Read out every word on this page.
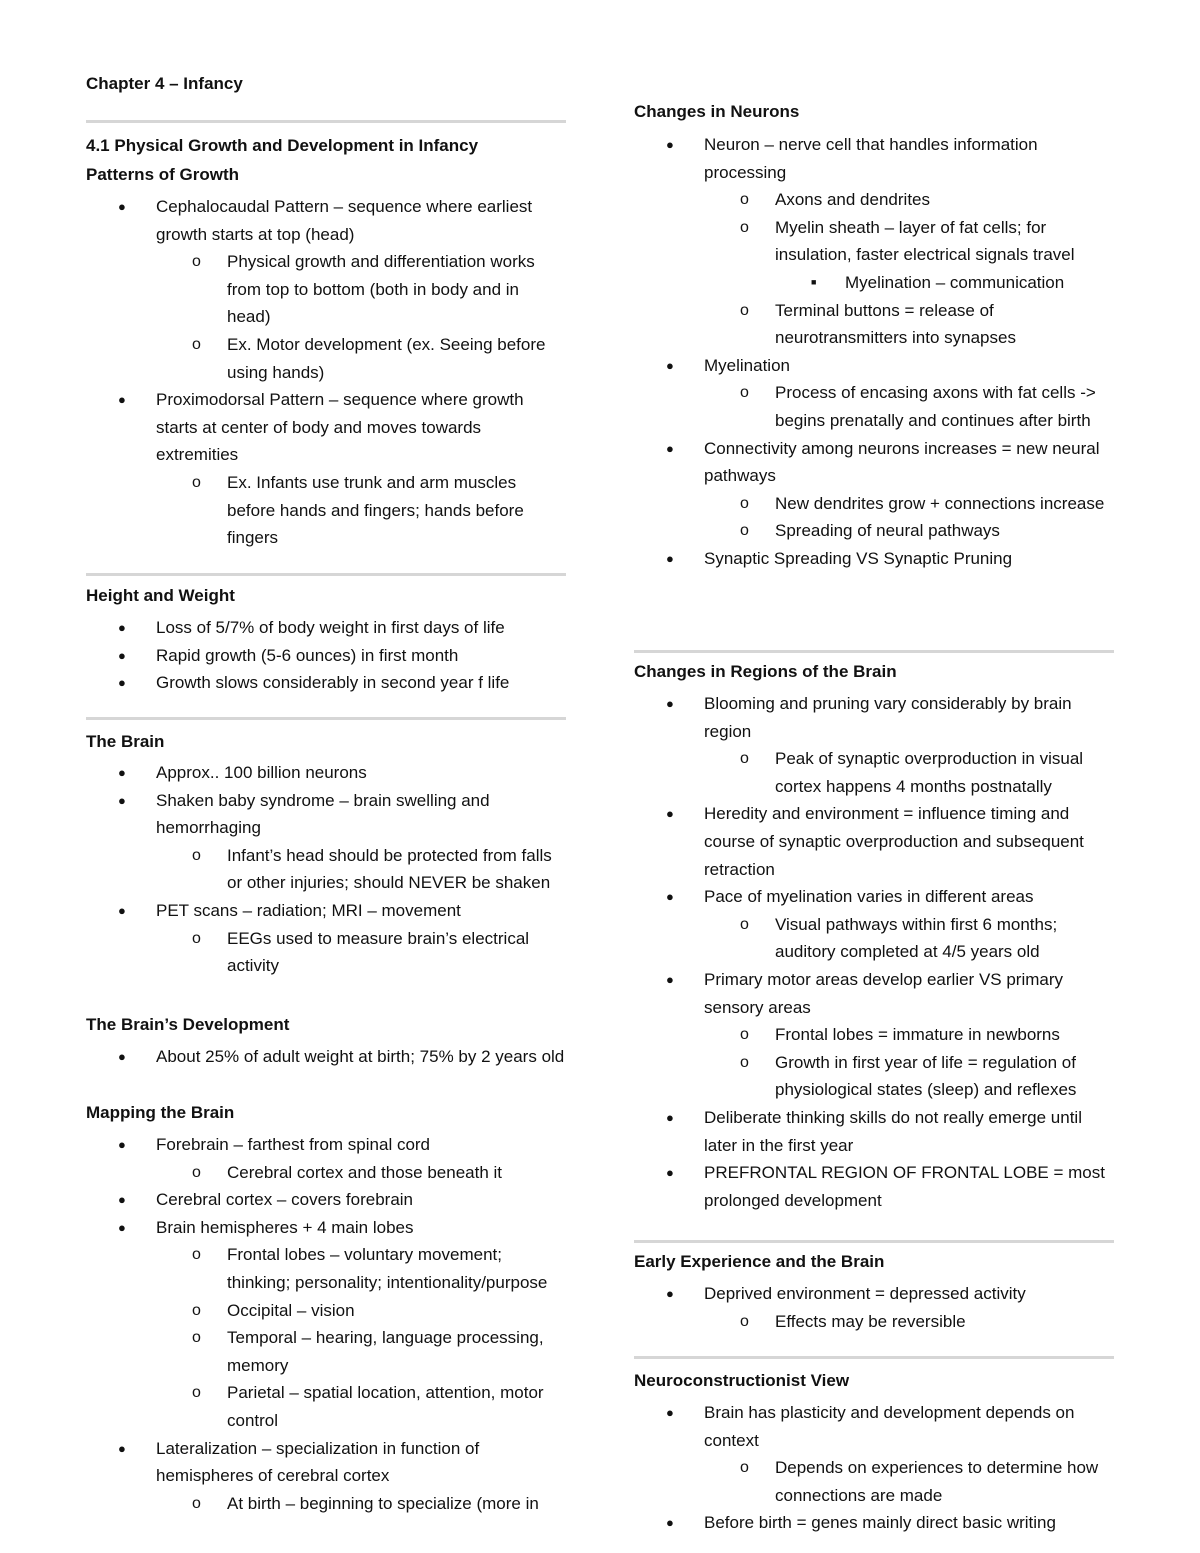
Chapter 4 – Infancy
4.1 Physical Growth and Development in Infancy
Patterns of Growth
● Cephalocaudal Pattern – sequence where earliest growth starts at top (head)
o Physical growth and differentiation works from top to bottom (both in body and in head)
o Ex. Motor development (ex. Seeing before using hands)
● Proximodorsal Pattern – sequence where growth starts at center of body and moves towards extremities
o Ex. Infants use trunk and arm muscles before hands and fingers; hands before fingers
Height and Weight
● Loss of 5/7% of body weight in first days of life
● Rapid growth (5-6 ounces) in first month
● Growth slows considerably in second year f life
The Brain
● Approx.. 100 billion neurons
● Shaken baby syndrome – brain swelling and hemorrhaging
o Infant’s head should be protected from falls or other injuries; should NEVER be shaken
● PET scans – radiation; MRI – movement
o EEGs used to measure brain’s electrical activity
The Brain’s Development
● About 25% of adult weight at birth; 75% by 2 years old
Mapping the Brain
● Forebrain – farthest from spinal cord
o Cerebral cortex and those beneath it
● Cerebral cortex – covers forebrain
● Brain hemispheres + 4 main lobes
o Frontal lobes – voluntary movement; thinking; personality; intentionality/purpose
o Occipital – vision
o Temporal – hearing, language processing, memory
o Parietal – spatial location, attention, motor control
● Lateralization – specialization in function of hemispheres of cerebral cortex
o At birth – beginning to specialize (more in
Changes in Neurons
● Neuron – nerve cell that handles information processing
o Axons and dendrites
o Myelin sheath – layer of fat cells; for insulation, faster electrical signals travel
■ Myelination – communication
o Terminal buttons = release of neurotransmitters into synapses
● Myelination
o Process of encasing axons with fat cells -> begins prenatally and continues after birth
● Connectivity among neurons increases = new neural pathways
o New dendrites grow + connections increase
o Spreading of neural pathways
● Synaptic Spreading VS Synaptic Pruning
Changes in Regions of the Brain
● Blooming and pruning vary considerably by brain region
o Peak of synaptic overproduction in visual cortex happens 4 months postnatally
● Heredity and environment = influence timing and course of synaptic overproduction and subsequent retraction
● Pace of myelination varies in different areas
o Visual pathways within first 6 months; auditory completed at 4/5 years old
● Primary motor areas develop earlier VS primary sensory areas
o Frontal lobes = immature in newborns
o Growth in first year of life = regulation of physiological states (sleep) and reflexes
● Deliberate thinking skills do not really emerge until later in the first year
● PREFRONTAL REGION OF FRONTAL LOBE = most prolonged development
Early Experience and the Brain
● Deprived environment = depressed activity
o Effects may be reversible
Neuroconstructionist View
● Brain has plasticity and development depends on context
o Depends on experiences to determine how connections are made
● Before birth = genes mainly direct basic writing
